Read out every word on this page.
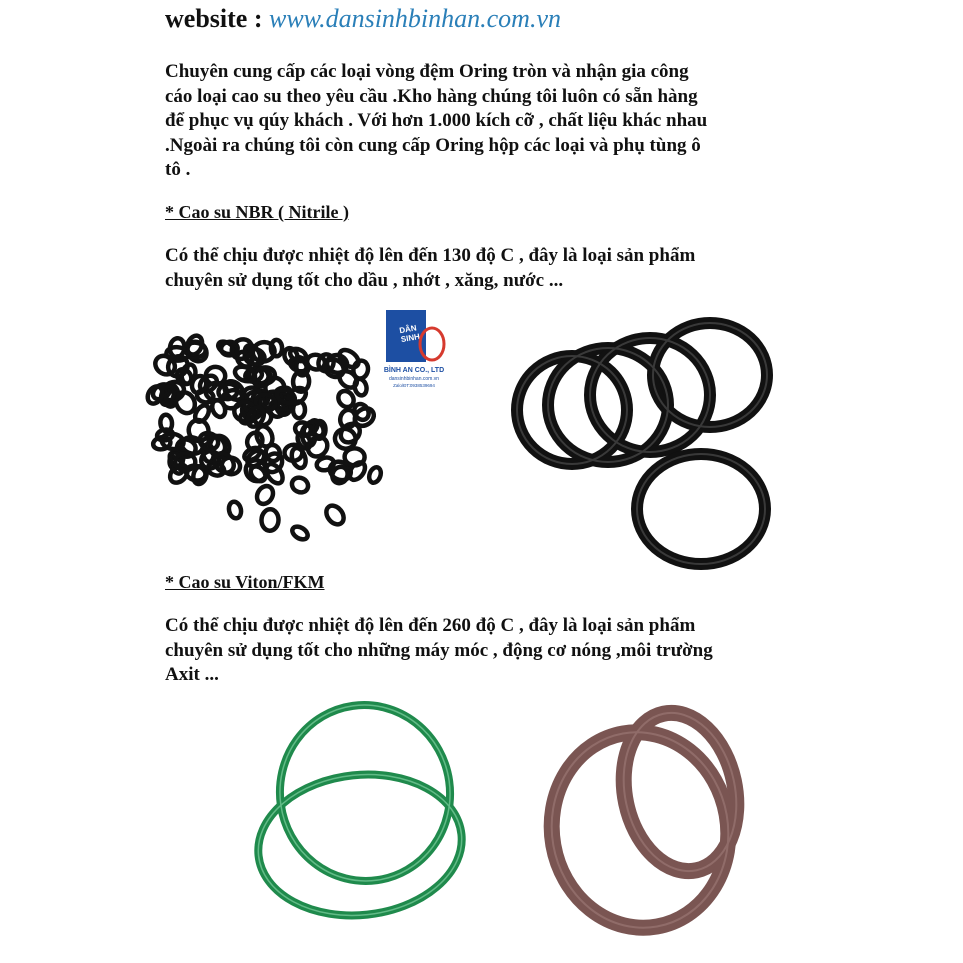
website : www.dansinhbinhan.com.vn

Chuyên cung cấp các loại vòng đệm Oring tròn và nhận gia công
cáo loại cao su theo yêu cầu .Kho hàng chúng tôi luôn có sẵn hàng
để phục vụ qúy khách . Với hơn 1.000 kích cỡ , chất liệu khác nhau
.Ngoài ra chúng tôi còn cung cấp Oring hộp các loại và phụ tùng ô
tô .

* Cao su NBR ( Nitrile )

Có thể chịu được nhiệt độ lên đến 130 độ C , đây là loại sản phẩm
chuyên sử dụng tốt cho dầu , nhớt , xăng, nước ...

DÂN SINH
BÌNH AN CO., LTD
dansinhbinhan.com.vn
Zalo/ĐT:0938539694
* Cao su Viton/FKM

Có thể chịu được nhiệt độ lên đến 260 độ C , đây là loại sản phẩm
chuyên sử dụng tốt cho những máy móc , động cơ nóng ,môi trường
Axit ...
